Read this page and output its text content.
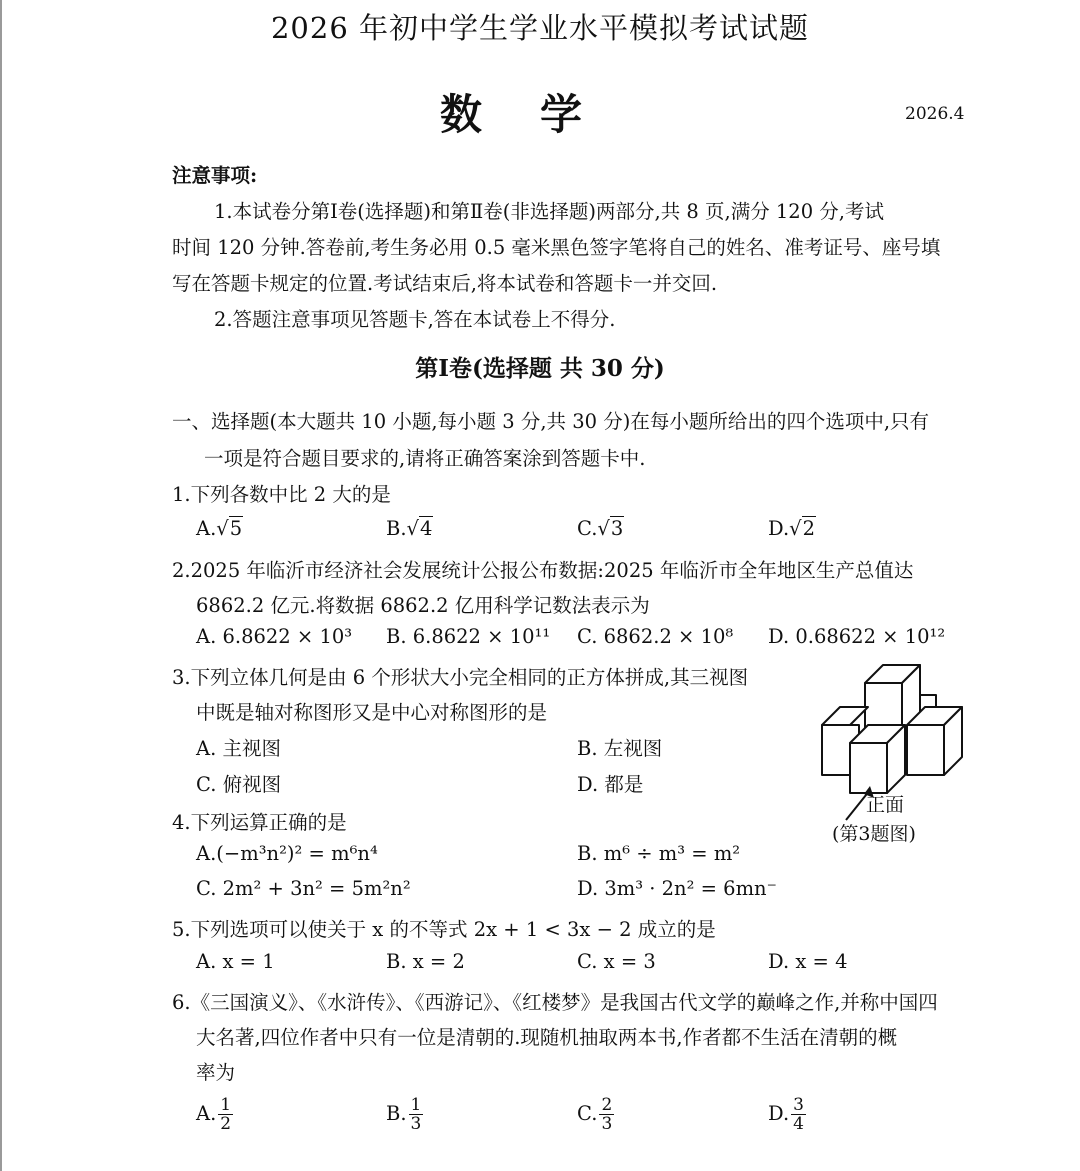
2026 年初中学生学业水平模拟考试试题
数学	2026.4
注意事项:
1.本试卷分第Ⅰ卷(选择题)和第Ⅱ卷(非选择题)两部分,共 8 页,满分 120 分,考试
时间 120 分钟.答卷前,考生务必用 0.5 毫米黑色签字笔将自己的姓名、准考证号、座号填
写在答题卡规定的位置.考试结束后,将本试卷和答题卡一并交回.
2.答题注意事项见答题卡,答在本试卷上不得分.
第Ⅰ卷(选择题 共 30 分)
一、选择题(本大题共 10 小题,每小题 3 分,共 30 分)在每小题所给出的四个选项中,只有
一项是符合题目要求的,请将正确答案涂到答题卡中.
1.下列各数中比 2 大的是
A.√5	B.√4	C.√3	D.√2
2.2025 年临沂市经济社会发展统计公报公布数据:2025 年临沂市全年地区生产总值达
6862.2 亿元.将数据 6862.2 亿用科学记数法表示为
A. 6.8622 × 10³ B. 6.8622 × 10¹¹ C. 6862.2 × 10⁸ D. 0.68622 × 10¹²
3.下列立体几何是由 6 个形状大小完全相同的正方体拼成,其三视图
中既是轴对称图形又是中心对称图形的是
A. 主视图	B. 左视图
C. 俯视图	D. 都是
正面
(第3题图)
4.下列运算正确的是
A.(−m³n²)² = m⁶n⁴	B. m⁶ ÷ m³ = m²
C. 2m² + 3n² = 5m²n²	D. 3m³ · 2n² = 6mn⁻
5.下列选项可以使关于 x 的不等式 2x + 1 < 3x − 2 成立的是
A. x = 1	B. x = 2	C. x = 3	D. x = 4
6.《三国演义》、《水浒传》、《西游记》、《红楼梦》是我国古代文学的巅峰之作,并称中国四
大名著,四位作者中只有一位是清朝的.现随机抽取两本书,作者都不生活在清朝的概
率为
A. $\frac{1}{2}$	B. $\frac{1}{3}$	C. $\frac{2}{3}$	D. $\frac{3}{4}$
